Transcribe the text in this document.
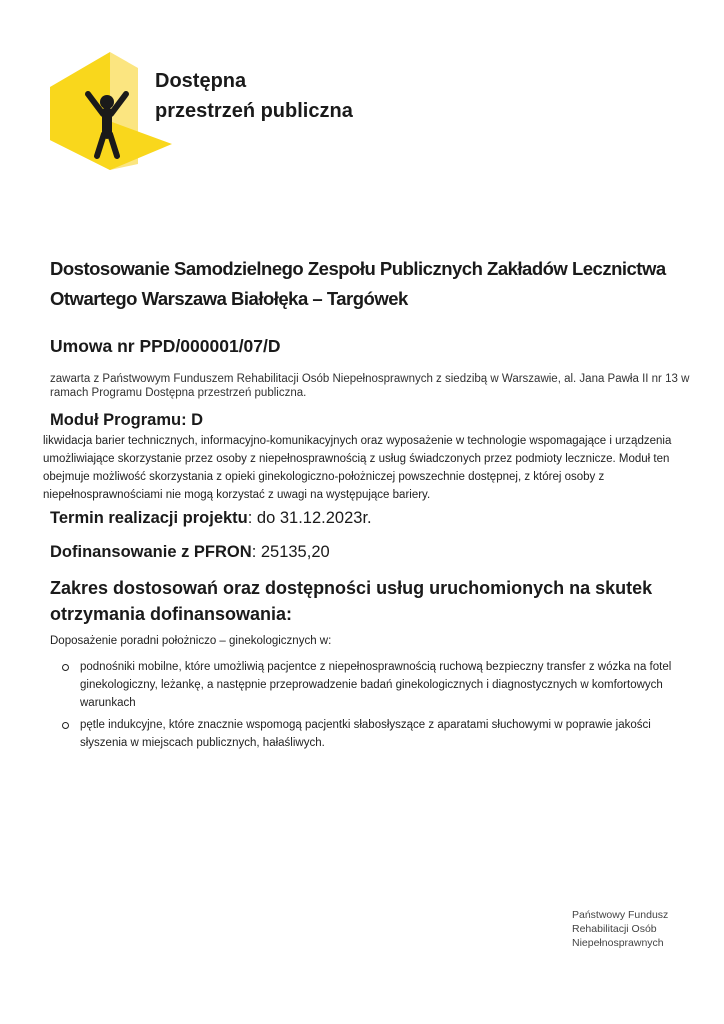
Dostępna
przestrzeń publiczna
Dostosowanie Samodzielnego Zespołu Publicznych Zakładów Lecznictwa Otwartego Warszawa Białołęka – Targówek
Umowa nr PPD/000001/07/D
zawarta z Państwowym Funduszem Rehabilitacji Osób Niepełnosprawnych z siedzibą w Warszawie, al. Jana Pawła II nr 13 w ramach Programu Dostępna przestrzeń publiczna.
Moduł Programu: D
likwidacja barier technicznych, informacyjno-komunikacyjnych oraz wyposażenie w technologie wspomagające i urządzenia umożliwiające skorzystanie przez osoby z niepełnosprawnością z usług świadczonych przez podmioty lecznicze. Moduł ten obejmuje możliwość skorzystania z opieki ginekologiczno-położniczej powszechnie dostępnej, z której osoby z niepełnosprawnościami nie mogą korzystać z uwagi na występujące bariery.
Termin realizacji projektu: do 31.12.2023r.
Dofinansowanie z PFRON: 25135,20
Zakres dostosowań oraz dostępności usług uruchomionych na skutek otrzymania dofinansowania:
Doposażenie poradni położniczo – ginekologicznych w:
podnośniki mobilne, które umożliwią pacjentce z niepełnosprawnością ruchową bezpieczny transfer z wózka na fotel ginekologiczny, leżankę, a następnie przeprowadzenie badań ginekologicznych i diagnostycznych w komfortowych warunkach
pętle indukcyjne, które znacznie wspomogą pacjentki słabosłyszące z aparatami słuchowymi w poprawie jakości słyszenia w miejscach publicznych, hałaśliwych.
Państwowy Fundusz
Rehabilitacji Osób
Niepełnosprawnych
